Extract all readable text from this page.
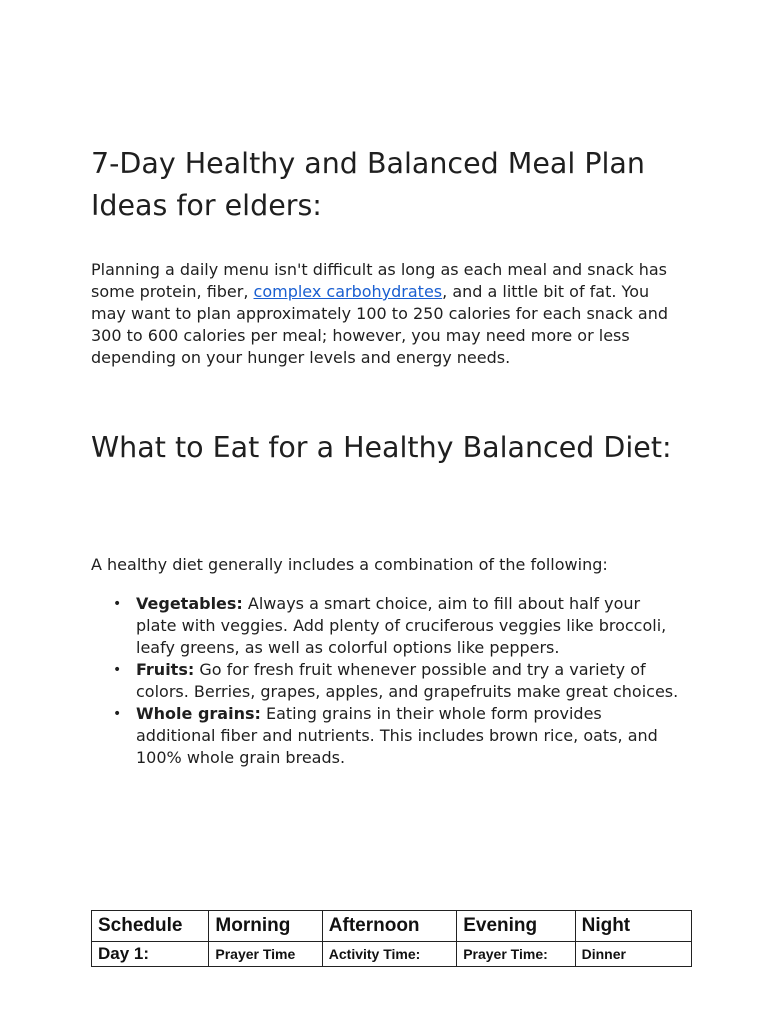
7-Day Healthy and Balanced Meal Plan Ideas for elders:

Planning a daily menu isn't difficult as long as each meal and snack has some protein, fiber, complex carbohydrates, and a little bit of fat. You may want to plan approximately 100 to 250 calories for each snack and 300 to 600 calories per meal; however, you may need more or less depending on your hunger levels and energy needs.

What to Eat for a Healthy Balanced Diet:

A healthy diet generally includes a combination of the following:

• Vegetables: Always a smart choice, aim to fill about half your plate with veggies. Add plenty of cruciferous veggies like broccoli, leafy greens, as well as colorful options like peppers.
• Fruits: Go for fresh fruit whenever possible and try a variety of colors. Berries, grapes, apples, and grapefruits make great choices.
• Whole grains: Eating grains in their whole form provides additional fiber and nutrients. This includes brown rice, oats, and 100% whole grain breads.
Schedule	Morning	Afternoon	Evening	Night
Day 1:	Prayer Time	Activity Time:	Prayer Time:	Dinner
